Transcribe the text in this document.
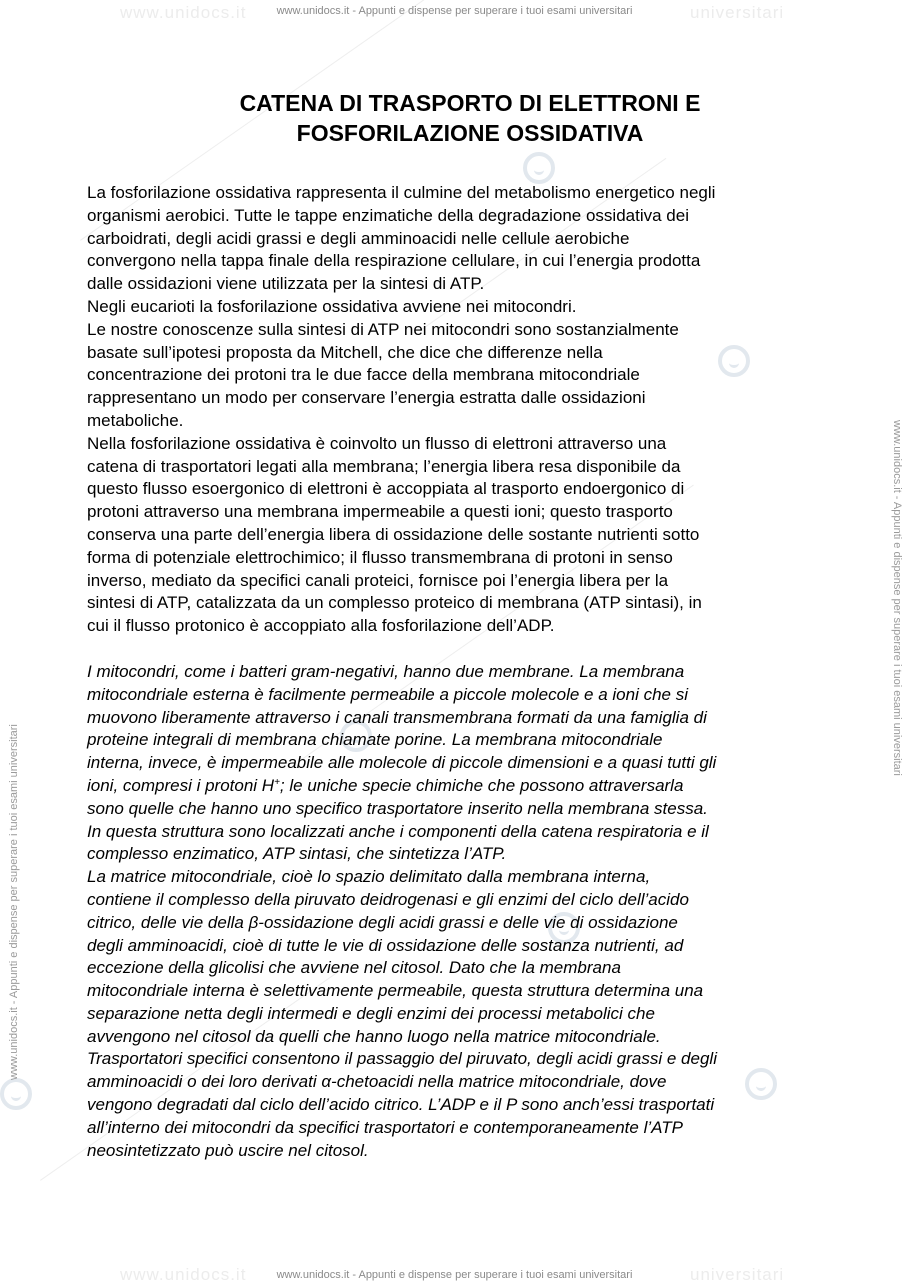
www.unidocs.it	universitari
www.unidocs.it - Appunti e dispense per superare i tuoi esami universitari
www.unidocs.it	universitari
www.unidocs.it - Appunti e dispense per superare i tuoi esami universitari
www.unidocs.it - Appunti e dispense per superare i tuoi esami universitari
www.unidocs.it - Appunti e dispense per superare i tuoi esami universitari
CATENA DI TRASPORTO DI ELETTRONI E
FOSFORILAZIONE OSSIDATIVA

La fosforilazione ossidativa rappresenta il culmine del metabolismo energetico negli
organismi aerobici. Tutte le tappe enzimatiche della degradazione ossidativa dei
carboidrati, degli acidi grassi e degli amminoacidi nelle cellule aerobiche
convergono nella tappa finale della respirazione cellulare, in cui l’energia prodotta
dalle ossidazioni viene utilizzata per la sintesi di ATP.

Negli eucarioti la fosforilazione ossidativa avviene nei mitocondri.

Le nostre conoscenze sulla sintesi di ATP nei mitocondri sono sostanzialmente
basate sull’ipotesi proposta da Mitchell, che dice che differenze nella
concentrazione dei protoni tra le due facce della membrana mitocondriale
rappresentano un modo per conservare l’energia estratta dalle ossidazioni
metaboliche.

Nella fosforilazione ossidativa è coinvolto un flusso di elettroni attraverso una
catena di trasportatori legati alla membrana; l’energia libera resa disponibile da
questo flusso esoergonico di elettroni è accoppiata al trasporto endoergonico di
protoni attraverso una membrana impermeabile a questi ioni; questo trasporto
conserva una parte dell’energia libera di ossidazione delle sostante nutrienti sotto
forma di potenziale elettrochimico; il flusso transmembrana di protoni in senso
inverso, mediato da specifici canali proteici, fornisce poi l’energia libera per la
sintesi di ATP, catalizzata da un complesso proteico di membrana (ATP sintasi), in
cui il flusso protonico è accoppiato alla fosforilazione dell’ADP.

I mitocondri, come i batteri gram-negativi, hanno due membrane. La membrana
mitocondriale esterna è facilmente permeabile a piccole molecole e a ioni che si
muovono liberamente attraverso i canali transmembrana formati da una famiglia di
proteine integrali di membrana chiamate porine. La membrana mitocondriale
interna, invece, è impermeabile alle molecole di piccole dimensioni e a quasi tutti gli
ioni, compresi i protoni H+; le uniche specie chimiche che possono attraversarla
sono quelle che hanno uno specifico trasportatore inserito nella membrana stessa.
In questa struttura sono localizzati anche i componenti della catena respiratoria e il
complesso enzimatico, ATP sintasi, che sintetizza l’ATP.

La matrice mitocondriale, cioè lo spazio delimitato dalla membrana interna,
contiene il complesso della piruvato deidrogenasi e gli enzimi del ciclo dell’acido
citrico, delle vie della β-ossidazione degli acidi grassi e delle vie di ossidazione
degli amminoacidi, cioè di tutte le vie di ossidazione delle sostanza nutrienti, ad
eccezione della glicolisi che avviene nel citosol. Dato che la membrana
mitocondriale interna è selettivamente permeabile, questa struttura determina una
separazione netta degli intermedi e degli enzimi dei processi metabolici che
avvengono nel citosol da quelli che hanno luogo nella matrice mitocondriale.
Trasportatori specifici consentono il passaggio del piruvato, degli acidi grassi e degli
amminoacidi o dei loro derivati α-chetoacidi nella matrice mitocondriale, dove
vengono degradati dal ciclo dell’acido citrico. L’ADP e il P sono anch’essi trasportati
all’interno dei mitocondri da specifici trasportatori e contemporaneamente l’ATP
neosintetizzato può uscire nel citosol.
